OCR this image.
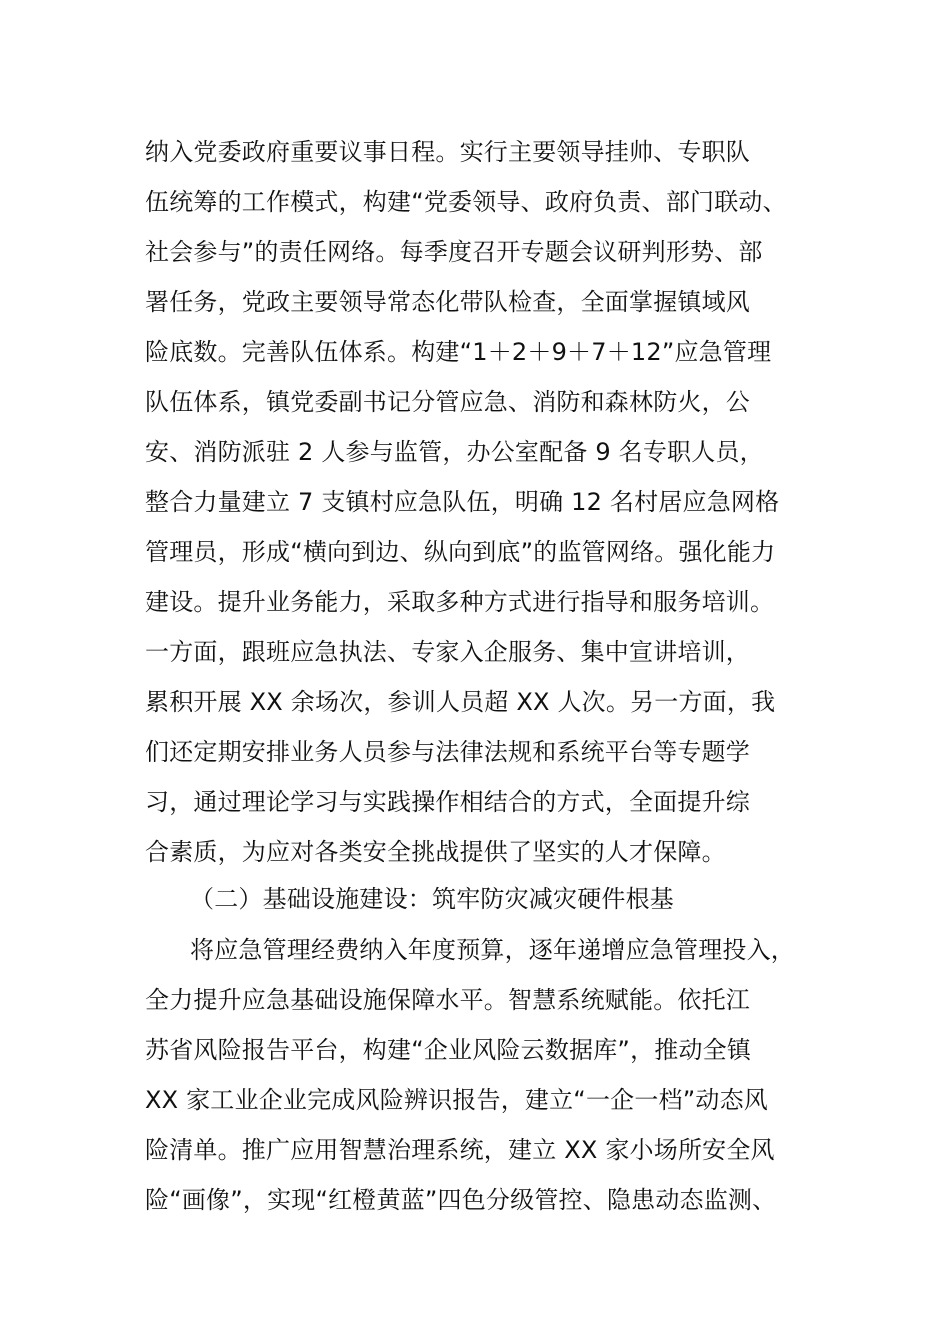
纳入党委政府重要议事日程。实行主要领导挂帅、专职队
伍统筹的工作模式，构建“党委领导、政府负责、部门联动、
社会参与”的责任网络。每季度召开专题会议研判形势、部
署任务，党政主要领导常态化带队检查，全面掌握镇域风
险底数。完善队伍体系。构建“1＋2＋9＋7＋12”应急管理
队伍体系，镇党委副书记分管应急、消防和森林防火，公
安、消防派驻 2 人参与监管，办公室配备 9 名专职人员，
整合力量建立 7 支镇村应急队伍，明确 12 名村居应急网格
管理员，形成“横向到边、纵向到底”的监管网络。强化能力
建设。提升业务能力，采取多种方式进行指导和服务培训。
一方面，跟班应急执法、专家入企服务、集中宣讲培训，
累积开展 XX 余场次，参训人员超 XX 人次。另一方面，我
们还定期安排业务人员参与法律法规和系统平台等专题学
习，通过理论学习与实践操作相结合的方式，全面提升综
合素质，为应对各类安全挑战提供了坚实的人才保障。
（二）基础设施建设：筑牢防灾减灾硬件根基
将应急管理经费纳入年度预算，逐年递增应急管理投入，
全力提升应急基础设施保障水平。智慧系统赋能。依托江
苏省风险报告平台，构建“企业风险云数据库”，推动全镇
XX 家工业企业完成风险辨识报告，建立“一企一档”动态风
险清单。推广应用智慧治理系统，建立 XX 家小场所安全风
险“画像”，实现“红橙黄蓝”四色分级管控、隐患动态监测、
